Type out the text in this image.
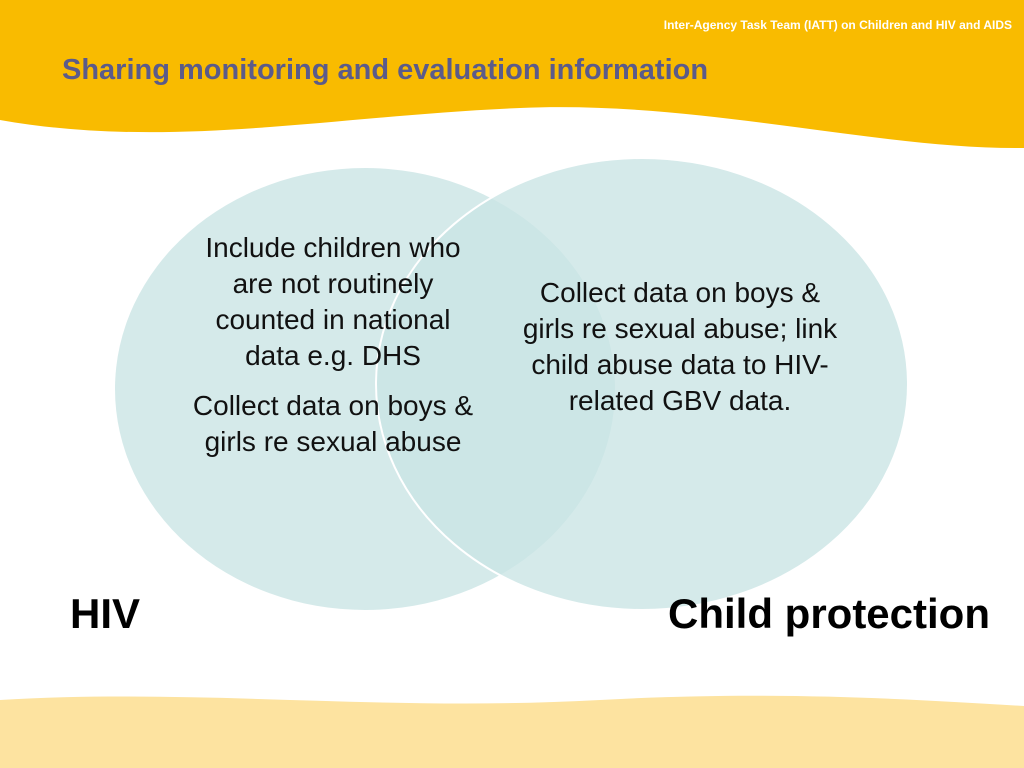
Inter-Agency Task Team (IATT) on Children and HIV and AIDS
Sharing monitoring and evaluation information

Include children who are not routinely counted in national data e.g. DHS

Collect data on boys & girls re sexual abuse

Collect data on boys & girls re sexual abuse; link child abuse data to HIV-related GBV data.

HIV	Child protection
